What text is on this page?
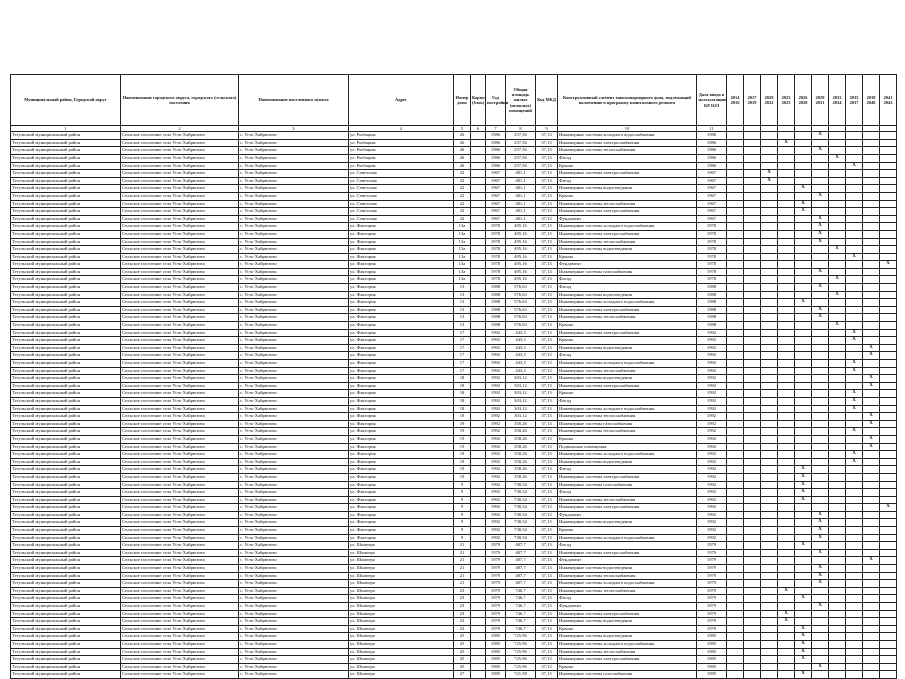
Муниципальный район, Городской округ	Наименование городского округа, городского (сельского) поселения	Наименование населенного пункта	Адрес	Номер дома	Корпус (блок)	Год постройки	Общая площадь жилых (нежилых) помещений	Код МКД	Конструктивный элемент многоквартирного дома, подлежащий включению в программу капитального ремонта	Дата ввода в эксплуатацию КР ЮЛ	2014 2016	2017 2019	2020 2022	2023 2025	2026 2028	2029 2031	2032 2034	2035 2037	2038 2040	2041 2043
1	2	3	4	5	6	7	8	9	10	11										
Тегульский муниципальный район	Сельское поселение село Усть-Хайрюзово	с. Усть-Хайрюзово	ул. Рыбацкая	26		1986	257,56	37,13	Инженерные системы холодного водоснабжения	1986						X				
Тегульский муниципальный район	Сельское поселение село Усть-Хайрюзово	с. Усть-Хайрюзово	ул. Рыбацкая	26		1986	257,56	37,13	Инженерные системы электроснабжения	1986				X						
Тегульский муниципальный район	Сельское поселение село Усть-Хайрюзово	с. Усть-Хайрюзово	ул. Рыбацкая	26		1986	257,56	37,13	Инженерные системы теплоснабжения	1986						X				
Тегульский муниципальный район	Сельское поселение село Усть-Хайрюзово	с. Усть-Хайрюзово	ул. Рыбацкая	26		1986	257,56	37,13	Фасад	1986							X			
Тегульский муниципальный район	Сельское поселение село Усть-Хайрюзово	с. Усть-Хайрюзово	ул. Рыбацкая	26		1986	257,56	37,13	Крыша	1986								X		
Тегульский муниципальный район	Сельское поселение село Усть-Хайрюзово	с. Усть-Хайрюзово	ул. Советская	22		1967	481,1	37,13	Инженерные системы электроснабжения	1967			X							
Тегульский муниципальный район	Сельское поселение село Усть-Хайрюзово	с. Усть-Хайрюзово	ул. Советская	22		1967	481,1	37,13	Фасад	1967			X							
Тегульский муниципальный район	Сельское поселение село Усть-Хайрюзово	с. Усть-Хайрюзово	ул. Советская	22		1967	481,1	37,13	Инженерные системы водоотведения	1967					X					
Тегульский муниципальный район	Сельское поселение село Усть-Хайрюзово	с. Усть-Хайрюзово	ул. Советская	22		1967	481,1	37,13	Крыша	1967						X				
Тегульский муниципальный район	Сельское поселение село Усть-Хайрюзово	с. Усть-Хайрюзово	ул. Советская	22		1967	481,1	37,13	Инженерные системы теплоснабжения	1967					X					
Тегульский муниципальный район	Сельское поселение село Усть-Хайрюзово	с. Усть-Хайрюзово	ул. Советская	22		1967	481,1	37,13	Инженерные системы электроснабжения	1967					X					
Тегульский муниципальный район	Сельское поселение село Усть-Хайрюзово	с. Усть-Хайрюзово	ул. Советская	22		1967	481,1	37,13	Фундамент	1967						X				
Тегульский муниципальный район	Сельское поселение село Усть-Хайрюзово	с. Усть-Хайрюзово	ул. Фактория	13а		1978	495,16	37,13	Инженерные системы холодного водоснабжения	1978						X				
Тегульский муниципальный район	Сельское поселение село Усть-Хайрюзово	с. Усть-Хайрюзово	ул. Фактория	13а		1978	495,16	37,13	Инженерные системы электроснабжения	1978						X				
Тегульский муниципальный район	Сельское поселение село Усть-Хайрюзово	с. Усть-Хайрюзово	ул. Фактория	13а		1978	495,16	37,13	Инженерные системы теплоснабжения	1978						X				
Тегульский муниципальный район	Сельское поселение село Усть-Хайрюзово	с. Усть-Хайрюзово	ул. Фактория	13а		1978	495,16	37,13	Инженерные системы водоотведения	1978							X			
Тегульский муниципальный район	Сельское поселение село Усть-Хайрюзово	с. Усть-Хайрюзово	ул. Фактория	13а		1978	495,16	37,13	Крыша	1978								X		
Тегульский муниципальный район	Сельское поселение село Усть-Хайрюзово	с. Усть-Хайрюзово	ул. Фактория	13а		1978	495,16	37,13	Фундамент	1978										X
Тегульский муниципальный район	Сельское поселение село Усть-Хайрюзово	с. Усть-Хайрюзово	ул. Фактория	13а		1978	495,16	37,13	Инженерные системы газоснабжения	1978						X				
Тегульский муниципальный район	Сельское поселение село Усть-Хайрюзово	с. Усть-Хайрюзово	ул. Фактория	13а		1978	495,16	37,13	Фасад	1978							X			
Тегульский муниципальный район	Сельское поселение село Усть-Хайрюзово	с. Усть-Хайрюзово	ул. Фактория	13		1988	576,63	37,13	Фасад	1988						X				
Тегульский муниципальный район	Сельское поселение село Усть-Хайрюзово	с. Усть-Хайрюзово	ул. Фактория	13		1988	576,63	37,13	Инженерные системы водоотведения	1988							X			
Тегульский муниципальный район	Сельское поселение село Усть-Хайрюзово	с. Усть-Хайрюзово	ул. Фактория	13		1988	576,63	37,13	Инженерные системы холодного водоснабжения	1988					X					
Тегульский муниципальный район	Сельское поселение село Усть-Хайрюзово	с. Усть-Хайрюзово	ул. Фактория	13		1988	576,63	37,13	Инженерные системы электроснабжения	1988						X				
Тегульский муниципальный район	Сельское поселение село Усть-Хайрюзово	с. Усть-Хайрюзово	ул. Фактория	13		1988	576,63	37,13	Инженерные системы теплоснабжения	1988						X				
Тегульский муниципальный район	Сельское поселение село Усть-Хайрюзово	с. Усть-Хайрюзово	ул. Фактория	13		1988	576,63	37,13	Крыша	1988							X			
Тегульский муниципальный район	Сельское поселение село Усть-Хайрюзово	с. Усть-Хайрюзово	ул. Фактория	17		1992	443,3	37,13	Инженерные системы электроснабжения	1992								X		
Тегульский муниципальный район	Сельское поселение село Усть-Хайрюзово	с. Усть-Хайрюзово	ул. Фактория	17		1992	443,3	37,13	Крыша	1992								X		
Тегульский муниципальный район	Сельское поселение село Усть-Хайрюзово	с. Усть-Хайрюзово	ул. Фактория	17		1992	443,3	37,13	Инженерные системы водоотведения	1992									X	
Тегульский муниципальный район	Сельское поселение село Усть-Хайрюзово	с. Усть-Хайрюзово	ул. Фактория	17		1992	443,3	37,13	Фасад	1992									X	
Тегульский муниципальный район	Сельское поселение село Усть-Хайрюзово	с. Усть-Хайрюзово	ул. Фактория	17		1992	443,3	37,13	Инженерные системы холодного водоснабжения	1992								X		
Тегульский муниципальный район	Сельское поселение село Усть-Хайрюзово	с. Усть-Хайрюзово	ул. Фактория	17		1992	443,3	37,13	Инженерные системы теплоснабжения	1992								X		
Тегульский муниципальный район	Сельское поселение село Усть-Хайрюзово	с. Усть-Хайрюзово	ул. Фактория	18		1992	303,12	37,13	Инженерные системы водоотведения	1992									X	
Тегульский муниципальный район	Сельское поселение село Усть-Хайрюзово	с. Усть-Хайрюзово	ул. Фактория	18		1992	303,12	37,13	Инженерные системы электроснабжения	1992									X	
Тегульский муниципальный район	Сельское поселение село Усть-Хайрюзово	с. Усть-Хайрюзово	ул. Фактория	18		1992	303,12	37,13	Крыша	1992								X		
Тегульский муниципальный район	Сельское поселение село Усть-Хайрюзово	с. Усть-Хайрюзово	ул. Фактория	18		1992	303,12	37,13	Фасад	1992								X		
Тегульский муниципальный район	Сельское поселение село Усть-Хайрюзово	с. Усть-Хайрюзово	ул. Фактория	18		1992	303,12	37,13	Инженерные системы холодного водоснабжения	1992								X		
Тегульский муниципальный район	Сельское поселение село Усть-Хайрюзово	с. Усть-Хайрюзово	ул. Фактория	18		1992	303,12	37,13	Инженерные системы теплоснабжения	1992									X	
Тегульский муниципальный район	Сельское поселение село Усть-Хайрюзово	с. Усть-Хайрюзово	ул. Фактория	19		1992	358,26	37,13	Инженерные системы газоснабжения	1992									X	
Тегульский муниципальный район	Сельское поселение село Усть-Хайрюзово	с. Усть-Хайрюзово	ул. Фактория	19		1992	358,26	37,13	Инженерные системы теплоснабжения	1992								X		
Тегульский муниципальный район	Сельское поселение село Усть-Хайрюзово	с. Усть-Хайрюзово	ул. Фактория	19		1992	358,26	37,13	Крыша	1992									X	
Тегульский муниципальный район	Сельское поселение село Усть-Хайрюзово	с. Усть-Хайрюзово	ул. Фактория	19		1992	358,26	37,13	Подвальные помещения	1992									X	
Тегульский муниципальный район	Сельское поселение село Усть-Хайрюзово	с. Усть-Хайрюзово	ул. Фактория	19		1992	358,26	37,13	Инженерные системы холодного водоснабжения	1992								X		
Тегульский муниципальный район	Сельское поселение село Усть-Хайрюзово	с. Усть-Хайрюзово	ул. Фактория	19		1992	358,26	37,13	Инженерные системы водоотведения	1992								X		
Тегульский муниципальный район	Сельское поселение село Усть-Хайрюзово	с. Усть-Хайрюзово	ул. Фактория	19		1992	358,26	37,13	Фасад	1992					X					
Тегульский муниципальный район	Сельское поселение село Усть-Хайрюзово	с. Усть-Хайрюзово	ул. Фактория	19		1992	358,26	37,13	Инженерные системы электроснабжения	1992					X					
Тегульский муниципальный район	Сельское поселение село Усть-Хайрюзово	с. Усть-Хайрюзово	ул. Фактория	9		1992	738,34	37,13	Инженерные системы газоснабжения	1992					X					
Тегульский муниципальный район	Сельское поселение село Усть-Хайрюзово	с. Усть-Хайрюзово	ул. Фактория	9		1992	738,34	37,13	Фасад	1992					X					
Тегульский муниципальный район	Сельское поселение село Усть-Хайрюзово	с. Усть-Хайрюзово	ул. Фактория	9		1992	738,34	37,13	Инженерные системы теплоснабжения	1992					X					
Тегульский муниципальный район	Сельское поселение село Усть-Хайрюзово	с. Усть-Хайрюзово	ул. Фактория	9		1992	738,34	37,13	Инженерные системы электроснабжения	1992										X
Тегульский муниципальный район	Сельское поселение село Усть-Хайрюзово	с. Усть-Хайрюзово	ул. Фактория	9		1992	738,34	37,13	Фундамент	1992						X				
Тегульский муниципальный район	Сельское поселение село Усть-Хайрюзово	с. Усть-Хайрюзово	ул. Фактория	9		1992	738,34	37,13	Инженерные системы водоотведения	1992						X				
Тегульский муниципальный район	Сельское поселение село Усть-Хайрюзово	с. Усть-Хайрюзово	ул. Фактория	9		1992	738,34	37,13	Крыша	1992						X				
Тегульский муниципальный район	Сельское поселение село Усть-Хайрюзово	с. Усть-Хайрюзово	ул. Фактория	9		1992	738,34	37,13	Инженерные системы холодного водоснабжения	1992						X				
Тегульский муниципальный район	Сельское поселение село Усть-Хайрюзово	с. Усть-Хайрюзово	ул. Шкипера	21		1979	487,7	37,13	Фасад	1979					X					
Тегульский муниципальный район	Сельское поселение село Усть-Хайрюзово	с. Усть-Хайрюзово	ул. Шкипера	21		1979	487,7	37,13	Инженерные системы электроснабжения	1979						X				
Тегульский муниципальный район	Сельское поселение село Усть-Хайрюзово	с. Усть-Хайрюзово	ул. Шкипера	21		1979	487,7	37,13	Фундамент	1979									X	
Тегульский муниципальный район	Сельское поселение село Усть-Хайрюзово	с. Усть-Хайрюзово	ул. Шкипера	21		1979	487,7	37,13	Инженерные системы водоотведения	1979						X				
Тегульский муниципальный район	Сельское поселение село Усть-Хайрюзово	с. Усть-Хайрюзово	ул. Шкипера	21		1979	487,7	37,13	Инженерные системы теплоснабжения	1979						X				
Тегульский муниципальный район	Сельское поселение село Усть-Хайрюзово	с. Усть-Хайрюзово	ул. Шкипера	21		1979	487,7	37,13	Инженерные системы холодного водоснабжения	1979						X				
Тегульский муниципальный район	Сельское поселение село Усть-Хайрюзово	с. Усть-Хайрюзово	ул. Шкипера	23		1979	746,7	37,13	Инженерные системы теплоснабжения	1979				X						
Тегульский муниципальный район	Сельское поселение село Усть-Хайрюзово	с. Усть-Хайрюзово	ул. Шкипера	23		1979	746,7	37,13	Фасад	1979					X					
Тегульский муниципальный район	Сельское поселение село Усть-Хайрюзово	с. Усть-Хайрюзово	ул. Шкипера	23		1979	746,7	37,13	Фундамент	1979						X				
Тегульский муниципальный район	Сельское поселение село Усть-Хайрюзово	с. Усть-Хайрюзово	ул. Шкипера	23		1979	746,7	37,13	Инженерные системы электроснабжения	1979				X						
Тегульский муниципальный район	Сельское поселение село Усть-Хайрюзово	с. Усть-Хайрюзово	ул. Шкипера	23		1979	746,7	37,13	Инженерные системы водоотведения	1979				X						
Тегульский муниципальный район	Сельское поселение село Усть-Хайрюзово	с. Усть-Хайрюзово	ул. Шкипера	23		1979	746,7	37,13	Крыша	1979					X					
Тегульский муниципальный район	Сельское поселение село Усть-Хайрюзово	с. Усть-Хайрюзово	ул. Шкипера	25		1985	725,96	37,13	Инженерные системы водоотведения	1985					X					
Тегульский муниципальный район	Сельское поселение село Усть-Хайрюзово	с. Усть-Хайрюзово	ул. Шкипера	25		1985	725,96	37,13	Инженерные системы холодного водоснабжения	1985					X					
Тегульский муниципальный район	Сельское поселение село Усть-Хайрюзово	с. Усть-Хайрюзово	ул. Шкипера	25		1985	725,96	37,13	Инженерные системы теплоснабжения	1985					X					
Тегульский муниципальный район	Сельское поселение село Усть-Хайрюзово	с. Усть-Хайрюзово	ул. Шкипера	25		1985	725,96	37,13	Инженерные системы электроснабжения	1985					X					
Тегульский муниципальный район	Сельское поселение село Усть-Хайрюзово	с. Усть-Хайрюзово	ул. Шкипера	25		1985	725,96	37,13	Крыша	1985						X				
Тегульский муниципальный район	Сельское поселение село Усть-Хайрюзово	с. Усть-Хайрюзово	ул. Шкипера	27		1985	721,58	37,13	Инженерные системы газоснабжения	1985					X					
